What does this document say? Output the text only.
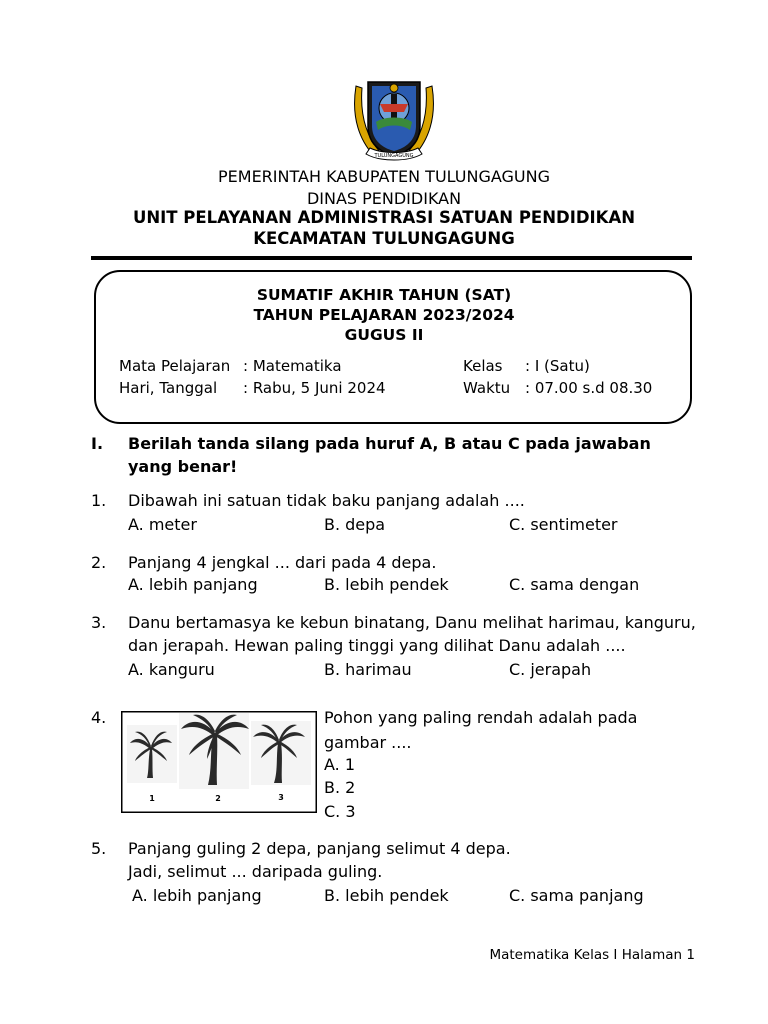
TULUNGAGUNG
PEMERINTAH KABUPATEN TULUNGAGUNG
DINAS PENDIDIKAN
UNIT PELAYANAN ADMINISTRASI SATUAN PENDIDIKAN
KECAMATAN TULUNGAGUNG
SUMATIF AKHIR TAHUN (SAT)
TAHUN PELAJARAN 2023/2024
GUGUS II
Mata Pelajaran : Matematika	Kelas : I (Satu)
Hari, Tanggal : Rabu, 5 Juni 2024	Waktu : 07.00 s.d 08.30
I. Berilah tanda silang pada huruf A, B atau C pada jawaban
yang benar!
1. Dibawah ini satuan tidak baku panjang adalah ....
A. meter	B. depa	C. sentimeter
2. Panjang 4 jengkal ... dari pada 4 depa.
A. lebih panjang	B. lebih pendek	C. sama dengan
3. Danu bertamasya ke kebun binatang, Danu melihat harimau, kanguru,
dan jerapah. Hewan paling tinggi yang dilihat Danu adalah ....
A. kanguru	B. harimau	C. jerapah
4.
1	2	3
Pohon yang paling rendah adalah pada
gambar ....
A. 1
B. 2
C. 3
5. Panjang guling 2 depa, panjang selimut 4 depa.
Jadi, selimut ... daripada guling.
A. lebih panjang	B. lebih pendek	C. sama panjang
Matematika Kelas I Halaman 1
